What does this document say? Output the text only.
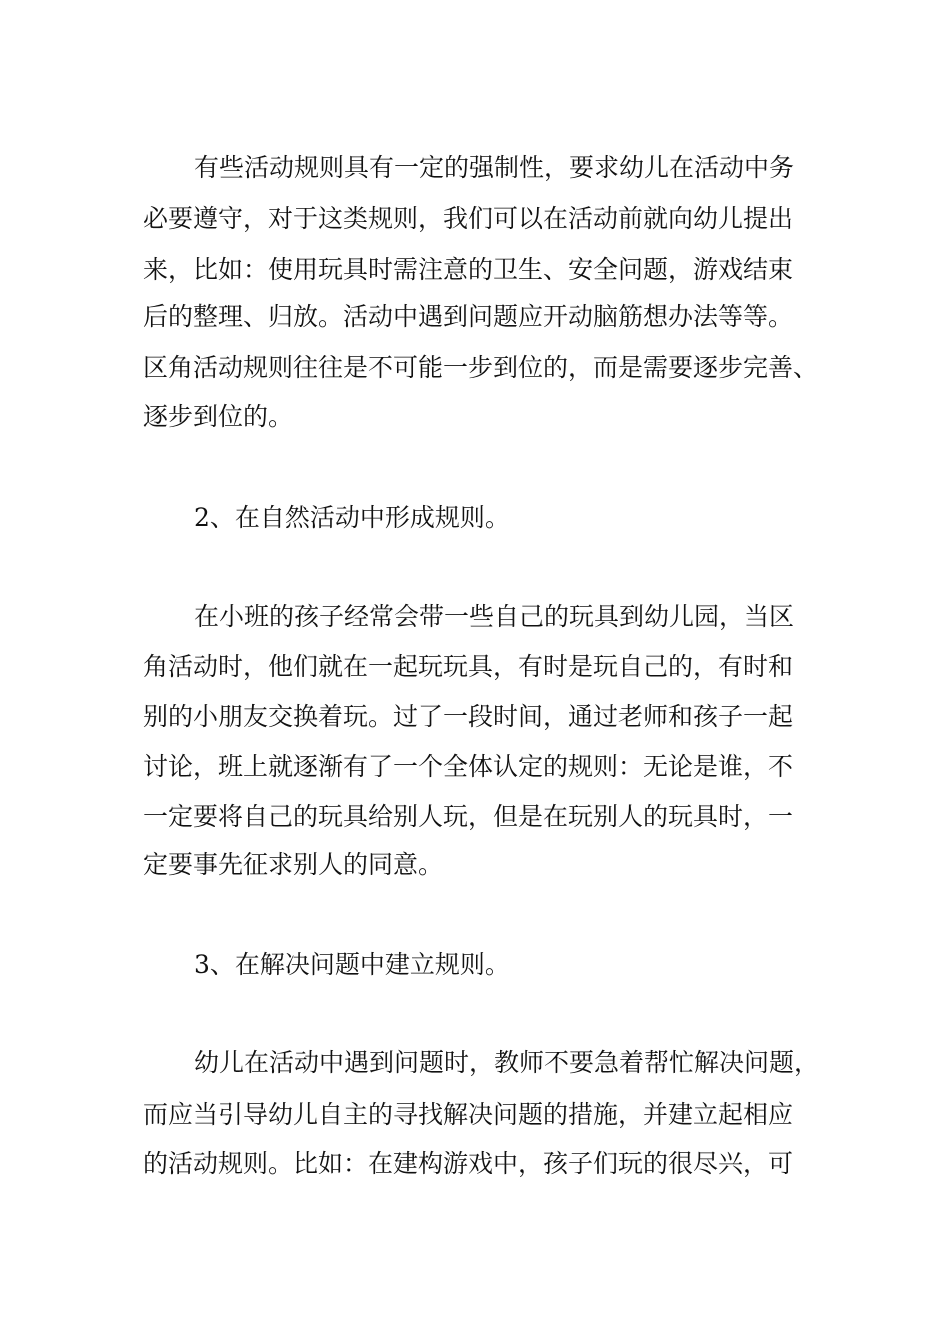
有些活动规则具有一定的强制性，要求幼儿在活动中务

必要遵守，对于这类规则，我们可以在活动前就向幼儿提出

来，比如：使用玩具时需注意的卫生、安全问题，游戏结束

后的整理、归放。活动中遇到问题应开动脑筋想办法等等。

区角活动规则往往是不可能一步到位的，而是需要逐步完善、

逐步到位的。

2、在自然活动中形成规则。

在小班的孩子经常会带一些自己的玩具到幼儿园，当区

角活动时，他们就在一起玩玩具，有时是玩自己的，有时和

别的小朋友交换着玩。过了一段时间，通过老师和孩子一起

讨论，班上就逐渐有了一个全体认定的规则：无论是谁，不

一定要将自己的玩具给别人玩，但是在玩别人的玩具时，一

定要事先征求别人的同意。

3、在解决问题中建立规则。

幼儿在活动中遇到问题时，教师不要急着帮忙解决问题，

而应当引导幼儿自主的寻找解决问题的措施，并建立起相应

的活动规则。比如：在建构游戏中，孩子们玩的很尽兴，可
